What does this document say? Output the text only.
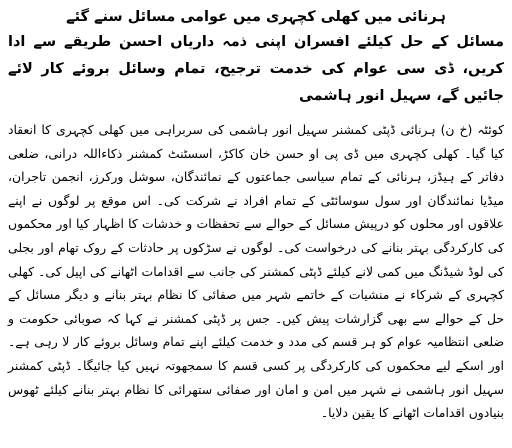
ہرنائی میں کھلی کچہری میں عوامی مسائل سنے گئے
مسائل کے حل کیلئے افسران اپنی ذمہ داریاں احسن طریقے سے ادا کریں، ڈی سی عوام کی خدمت ترجیح، تمام وسائل بروئے کار لائے جائیں گے، سہیل انور ہاشمی

کوئٹہ (خ ن) ہرنائی ڈپٹی کمشنر سہیل انور ہاشمی کی سربراہی میں کھلی کچہری کا انعقاد کیا گیا۔ کھلی کچہری میں ڈی پی او حسن خان کاکڑ، اسسٹنٹ کمشنر ذکاءاللہ درانی، ضلعی دفاتر کے ہیڈز، ہرنائی کے تمام سیاسی جماعتوں کے نمائندگان، سوشل ورکرز، انجمن تاجران، میڈیا نمائندگان اور سول سوسائٹی کے تمام افراد نے شرکت کی۔ اس موقع پر لوگوں نے اپنے علاقوں اور محلوں کو درپیش مسائل کے حوالے سے تحفظات و خدشات کا اظہار کیا اور محکموں کی کارکردگی بہتر بنانے کی درخواست کی۔ لوگوں نے سڑکوں پر حادثات کے روک تھام اور بجلی کی لوڈ شیڈنگ میں کمی لانے کیلئے ڈپٹی کمشنر کی جانب سے اقدامات اٹھانے کی اپیل کی۔ کھلی کچہری کے شرکاء نے منشیات کے خاتمے شہر میں صفائی کا نظام بہتر بنانے و دیگر مسائل کے حل کے حوالے سے بھی گزارشات پیش کیں۔ جس پر ڈپٹی کمشنر نے کہا کہ صوبائی حکومت و ضلعی انتظامیہ عوام کو ہر قسم کی مدد و خدمت کیلئے اپنے تمام وسائل بروئے کار لا رہی ہے۔ اور اسکے لیے محکموں کی کارکردگی پر کسی قسم کا سمجھوتہ نہیں کیا جائیگا۔ ڈپٹی کمشنر سہیل انور ہاشمی نے شہر میں امن و امان اور صفائی ستھرائی کا نظام بہتر بنانے کیلئے ٹھوس بنیادوں اقدامات اٹھانے کا یقین دلایا۔
